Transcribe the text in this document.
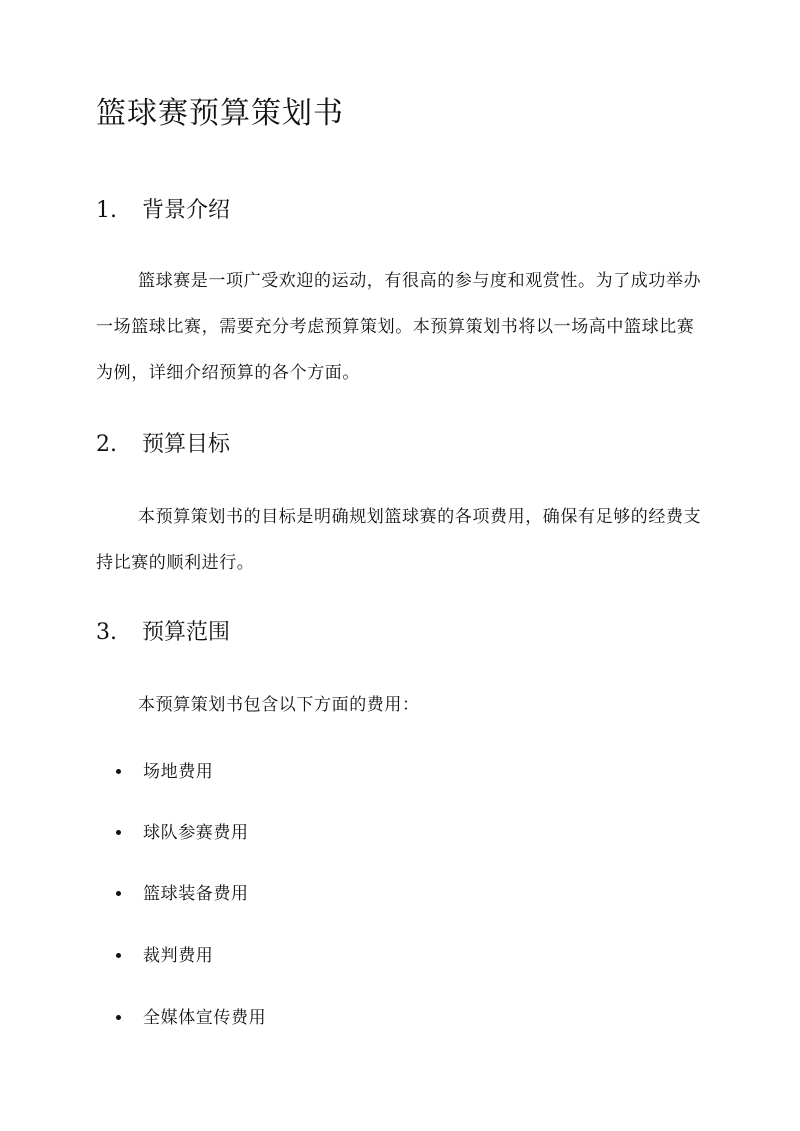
篮球赛预算策划书
1.	背景介绍

篮球赛是一项广受欢迎的运动，有很高的参与度和观赏性。为了成功举办一场篮球比赛，需要充分考虑预算策划。本预算策划书将以一场高中篮球比赛为例，详细介绍预算的各个方面。

2.	预算目标

本预算策划书的目标是明确规划篮球赛的各项费用，确保有足够的经费支持比赛的顺利进行。

3.	预算范围

本预算策划书包含以下方面的费用：

场地费用
球队参赛费用
篮球装备费用
裁判费用
全媒体宣传费用
